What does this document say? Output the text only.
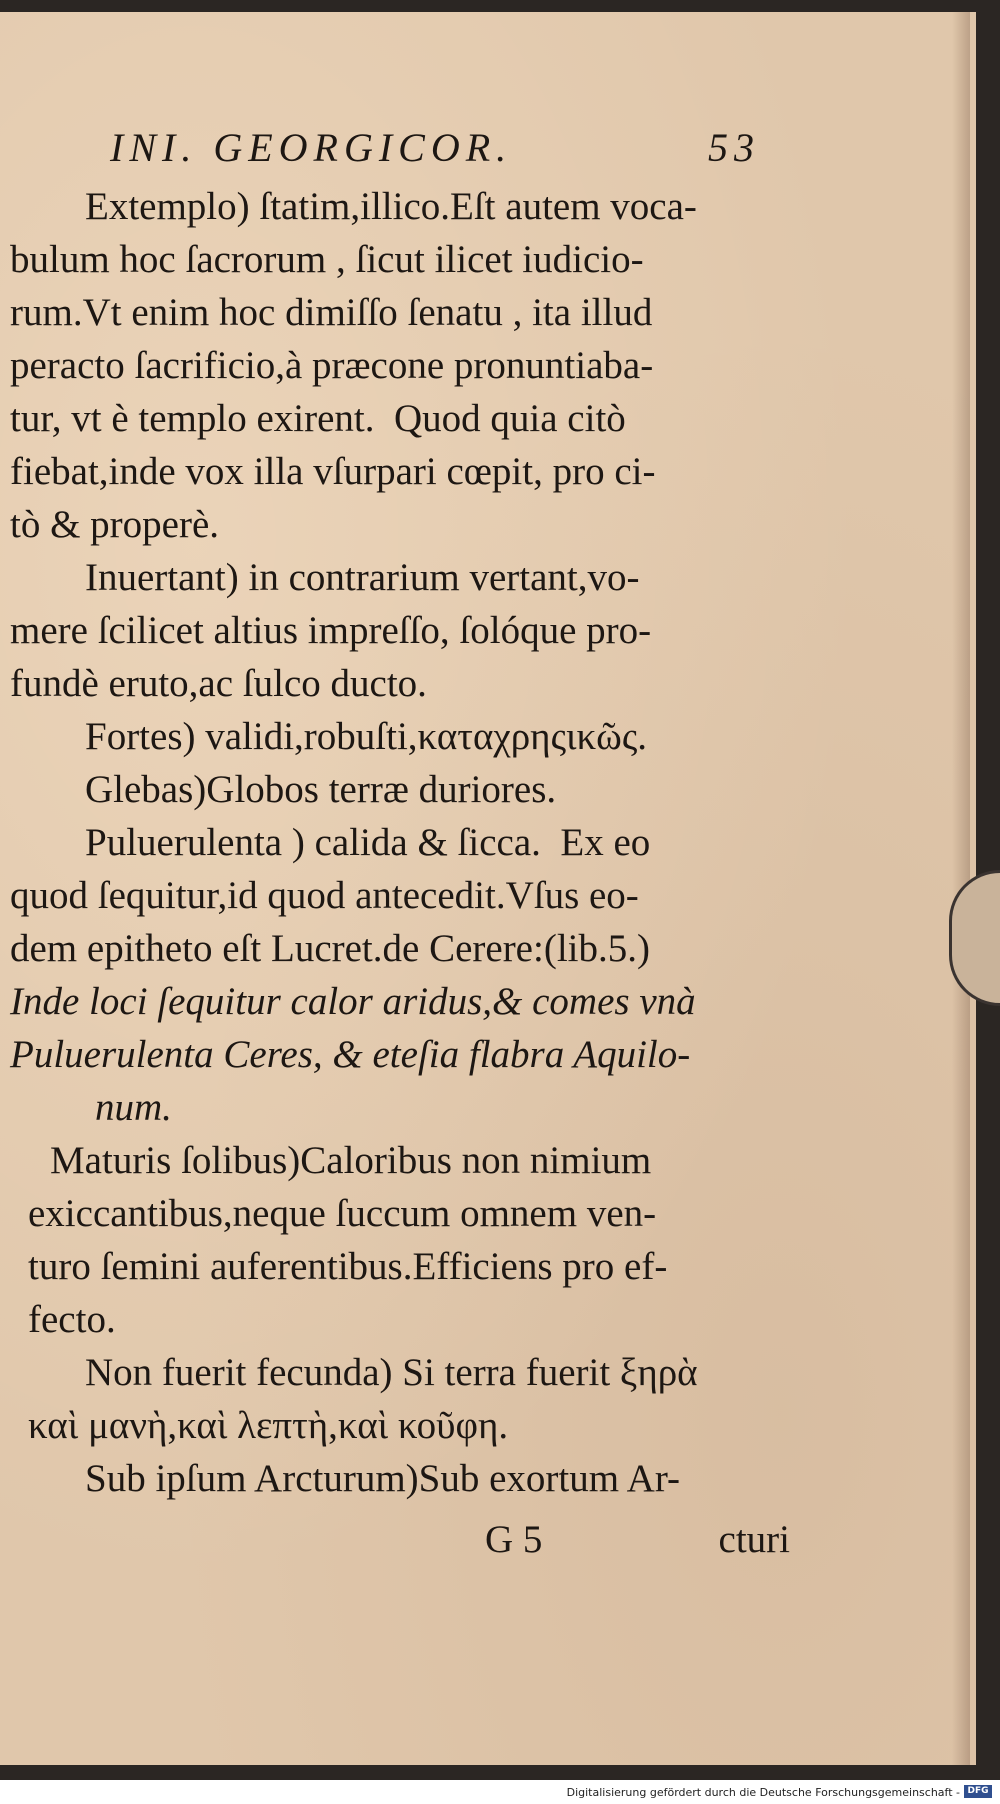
INI. GEORGICOR.	53
Extemplo) ſtatim,illico.Eſt autem voca-
bulum hoc ſacrorum , ſicut ilicet iudicio-
rum.Vt enim hoc dimiſſo ſenatu , ita illud
peracto ſacrificio,à præcone pronuntiaba-
tur, vt è templo exirent.  Quod quia citò
fiebat,inde vox illa vſurpari cœpit, pro ci-
tò & properè.
Inuertant) in contrarium vertant,vo-
mere ſcilicet altius impreſſo, ſolóque pro-
fundè eruto,ac ſulco ducto.
Fortes) validi,robuſti,καταχρηςικῶς.
Glebas)Globos terræ duriores.
Puluerulenta ) calida & ſicca.  Ex eo
quod ſequitur,id quod antecedit.Vſus eo-
dem epitheto eſt Lucret.de Cerere:(lib.5.)
Inde loci ſequitur calor aridus,& comes vnà
Puluerulenta Ceres, & eteſia flabra Aquilo-
num.
Maturis ſolibus)Caloribus non nimium
exiccantibus,neque ſuccum omnem ven-
turo ſemini auferentibus.Efficiens pro ef-
fecto.
Non fuerit fecunda) Si terra fuerit ξηρὰ
καὶ μανὴ,καὶ λεπτὴ,καὶ κοῦφη.
Sub ipſum Arcturum)Sub exortum Ar-
G 5	cturi
Digitalisierung gefördert durch die Deutsche Forschungsgemeinschaft - DFG
